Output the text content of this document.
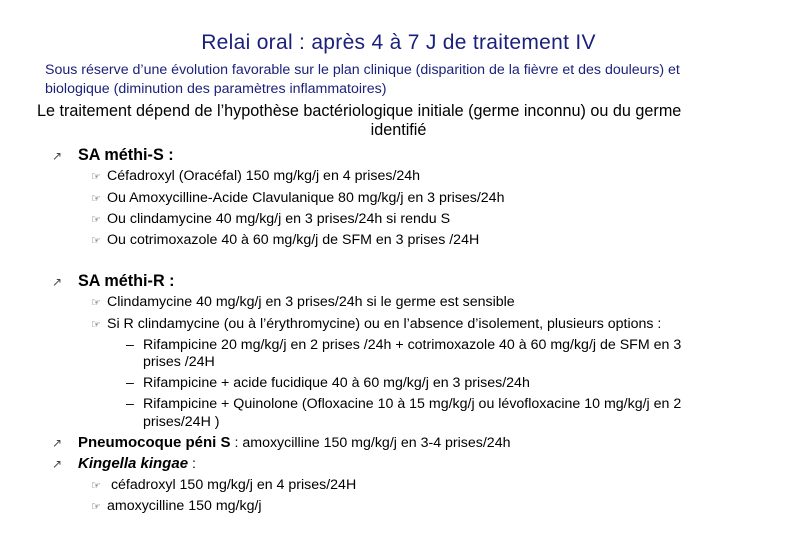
Relai oral : après 4 à 7 J de traitement IV
Sous réserve d’une évolution favorable sur le plan clinique (disparition de la fièvre et des douleurs) et
biologique (diminution des paramètres inflammatoires)
Le traitement dépend de l’hypothèse bactériologique initiale (germe inconnu) ou du germe
identifié
↗ SA méthi-S :
☞ Céfadroxyl (Oracéfal) 150 mg/kg/j en 4 prises/24h
☞ Ou Amoxycilline-Acide Clavulanique 80 mg/kg/j en 3 prises/24h
☞ Ou clindamycine 40 mg/kg/j en 3 prises/24h si rendu S
☞ Ou cotrimoxazole 40 à 60 mg/kg/j de SFM en 3 prises /24H
↗ SA méthi-R :
☞ Clindamycine 40 mg/kg/j en 3 prises/24h si le germe est sensible
☞ Si R clindamycine (ou à l’érythromycine) ou en l’absence d’isolement, plusieurs options :
– Rifampicine 20 mg/kg/j en 2 prises /24h + cotrimoxazole 40 à 60 mg/kg/j de SFM en 3
prises /24H
– Rifampicine + acide fucidique 40 à 60 mg/kg/j en 3 prises/24h
– Rifampicine + Quinolone (Ofloxacine 10 à 15 mg/kg/j ou lévofloxacine 10 mg/kg/j en 2
prises/24H )
↗ Pneumocoque péni S : amoxycilline 150 mg/kg/j en 3-4 prises/24h
↗ Kingella kingae :
☞ céfadroxyl 150 mg/kg/j en 4 prises/24H
☞ amoxycilline 150 mg/kg/j
